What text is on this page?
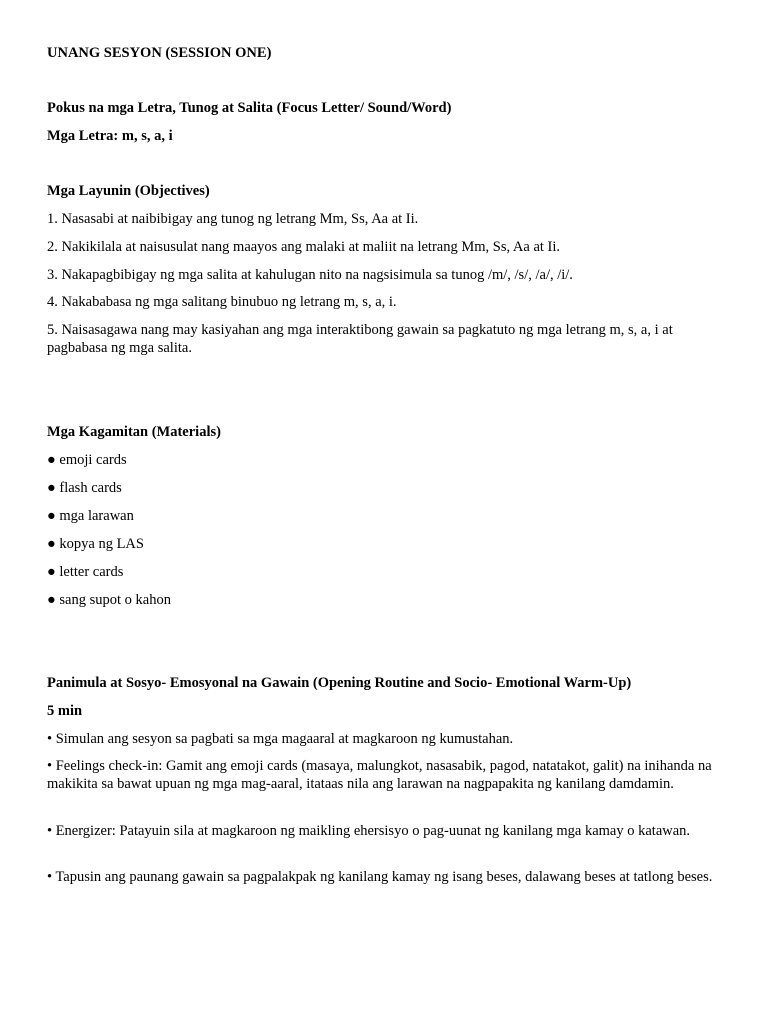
UNANG SESYON (SESSION ONE)
Pokus na mga Letra, Tunog at Salita (Focus Letter/ Sound/Word)
Mga Letra: m, s, a, i
Mga Layunin (Objectives)
1. Nasasabi at naibibigay ang tunog ng letrang Mm, Ss, Aa at Ii.
2. Nakikilala at naisusulat nang maayos ang malaki at maliit na letrang Mm, Ss, Aa at Ii.
3. Nakapagbibigay ng mga salita at kahulugan nito na nagsisimula sa tunog /m/, /s/, /a/, /i/.
4. Nakababasa ng mga salitang binubuo ng letrang m, s, a, i.
5. Naisasagawa nang may kasiyahan ang mga interaktibong gawain sa pagkatuto ng mga letrang m, s, a, i at pagbabasa ng mga salita.
Mga Kagamitan (Materials)
● emoji cards
● flash cards
● mga larawan
● kopya ng LAS
● letter cards
● sang supot o kahon
Panimula at Sosyo- Emosyonal na Gawain (Opening Routine and Socio- Emotional Warm-Up)
5 min
• Simulan ang sesyon sa pagbati sa mga magaaral at magkaroon ng kumustahan.
• Feelings check-in: Gamit ang emoji cards (masaya, malungkot, nasasabik, pagod, natatakot, galit) na inihanda na makikita sa bawat upuan ng mga mag-aaral, itataas nila ang larawan na nagpapakita ng kanilang damdamin.
• Energizer: Patayuin sila at magkaroon ng maikling ehersisyo o pag-uunat ng kanilang mga kamay o katawan.
• Tapusin ang paunang gawain sa pagpalakpak ng kanilang kamay ng isang beses, dalawang beses at tatlong beses.
